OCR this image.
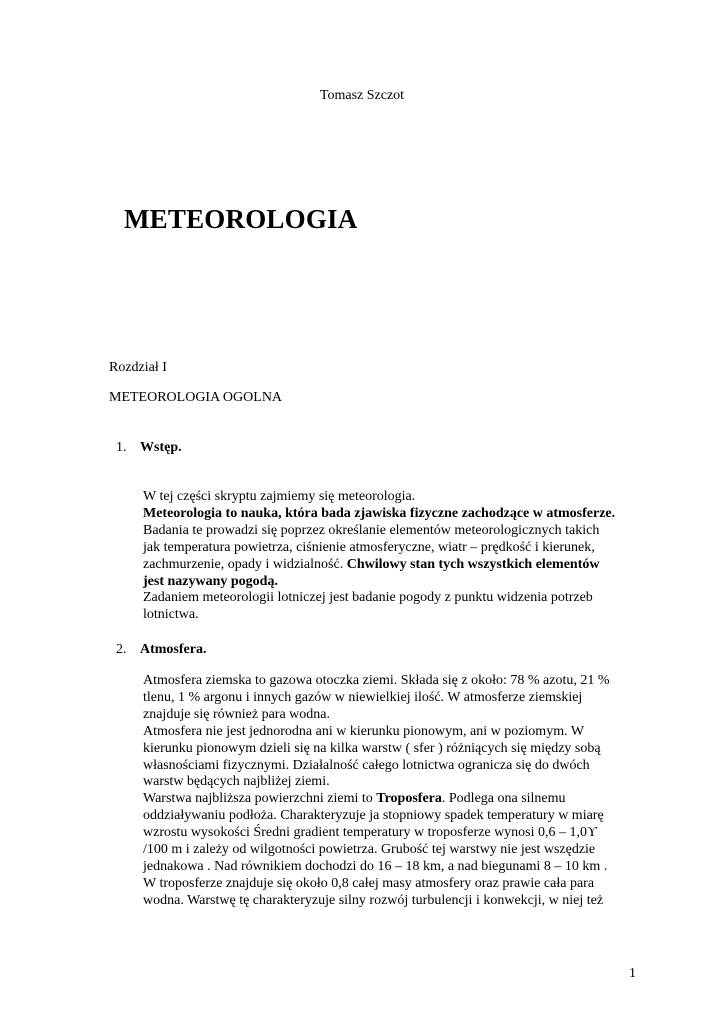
Tomasz Szczot

METEOROLOGIA

Rozdział I

METEOROLOGIA OGOLNA

1. Wstęp.
W tej części skryptu zajmiemy się meteorologia.
Meteorologia to nauka, która bada zjawiska fizyczne zachodzące w atmosferze.
Badania te prowadzi się poprzez określanie elementów meteorologicznych takich
jak temperatura powietrza, ciśnienie atmosferyczne, wiatr – prędkość i kierunek,
zachmurzenie, opady i widzialność. Chwilowy stan tych wszystkich elementów
jest nazywany pogodą.
Zadaniem meteorologii lotniczej jest badanie pogody z punktu widzenia potrzeb
lotnictwa.
2. Atmosfera.
Atmosfera ziemska to gazowa otoczka ziemi. Składa się z około: 78 % azotu, 21 %
tlenu, 1 % argonu i innych gazów w niewielkiej ilość. W atmosferze ziemskiej
znajduje się również para wodna.
Atmosfera nie jest jednorodna ani w kierunku pionowym, ani w poziomym. W
kierunku pionowym dzieli się na kilka warstw ( sfer ) różniących się między sobą
własnościami fizycznymi. Działalność całego lotnictwa ogranicza się do dwóch
warstw będących najbliżej ziemi.
Warstwa najbliższa powierzchni ziemi to Troposfera. Podlega ona silnemu
oddziaływaniu podłoża. Charakteryzuje ja stopniowy spadek temperatury w miarę
wzrostu wysokości Średni gradient temperatury w troposferze wynosi 0,6 – 1,0ϒ
/100 m i zależy od wilgotności powietrza. Grubość tej warstwy nie jest wszędzie
jednakowa . Nad równikiem dochodzi do 16 – 18 km, a nad biegunami 8 – 10 km .
W troposferze znajduje się około 0,8 całej masy atmosfery oraz prawie cała para
wodna. Warstwę tę charakteryzuje silny rozwój turbulencji i konwekcji, w niej też
1
